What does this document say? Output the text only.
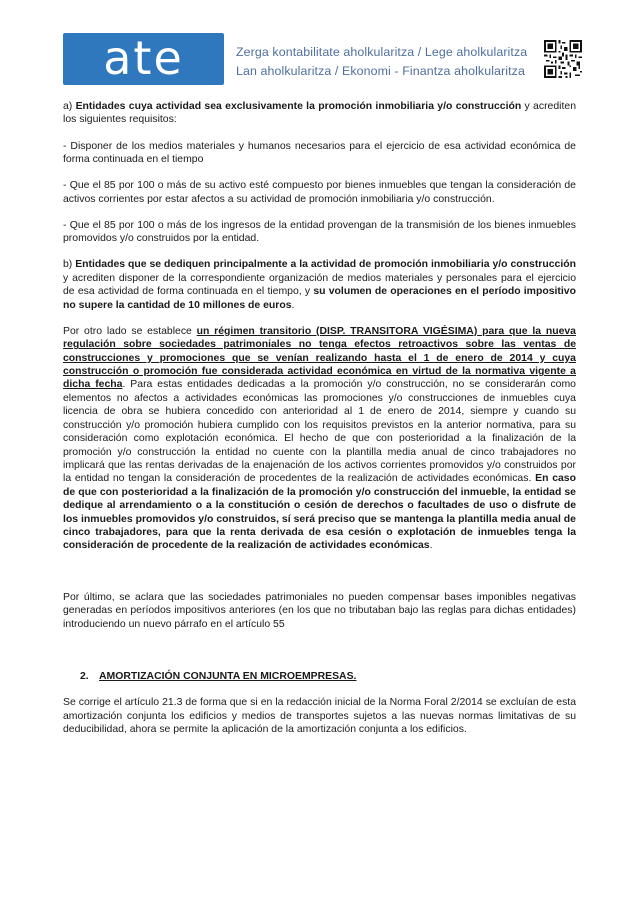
ate	Zerga kontabilitate aholkularitza / Lege aholkularitza
Lan aholkularitza / Ekonomi - Finantza aholkularitza

a) Entidades cuya actividad sea exclusivamente la promoción inmobiliaria y/o construcción y acrediten los siguientes requisitos:

- Disponer de los medios materiales y humanos necesarios para el ejercicio de esa actividad económica de forma continuada en el tiempo

- Que el 85 por 100 o más de su activo esté compuesto por bienes inmuebles que tengan la consideración de activos corrientes por estar afectos a su actividad de promoción inmobiliaria y/o construcción.

- Que el 85 por 100 o más de los ingresos de la entidad provengan de la transmisión de los bienes inmuebles promovidos y/o construidos por la entidad.

b) Entidades que se dediquen principalmente a la actividad de promoción inmobiliaria y/o construcción y acrediten disponer de la correspondiente organización de medios materiales y personales para el ejercicio de esa actividad de forma continuada en el tiempo, y su volumen de operaciones en el período impositivo no supere la cantidad de 10 millones de euros.

Por otro lado se establece un régimen transitorio (DISP. TRANSITORA VIGÉSIMA) para que la nueva regulación sobre sociedades patrimoniales no tenga efectos retroactivos sobre las ventas de construcciones y promociones que se venían realizando hasta el 1 de enero de 2014 y cuya construcción o promoción fue considerada actividad económica en virtud de la normativa vigente a dicha fecha. Para estas entidades dedicadas a la promoción y/o construcción, no se considerarán como elementos no afectos a actividades económicas las promociones y/o construcciones de inmuebles cuya licencia de obra se hubiera concedido con anterioridad al 1 de enero de 2014, siempre y cuando su construcción y/o promoción hubiera cumplido con los requisitos previstos en la anterior normativa, para su consideración como explotación económica. El hecho de que con posterioridad a la finalización de la promoción y/o construcción la entidad no cuente con la plantilla media anual de cinco trabajadores no implicará que las rentas derivadas de la enajenación de los activos corrientes promovidos y/o construidos por la entidad no tengan la consideración de procedentes de la realización de actividades económicas. En caso de que con posterioridad a la finalización de la promoción y/o construcción del inmueble, la entidad se dedique al arrendamiento o a la constitución o cesión de derechos o facultades de uso o disfrute de los inmuebles promovidos y/o construidos, sí será preciso que se mantenga la plantilla media anual de cinco trabajadores, para que la renta derivada de esa cesión o explotación de inmuebles tenga la consideración de procedente de la realización de actividades económicas.

Por último, se aclara que las sociedades patrimoniales no pueden compensar bases imponibles negativas generadas en períodos impositivos anteriores (en los que no tributaban bajo las reglas para dichas entidades) introduciendo un nuevo párrafo en el artículo 55

2. AMORTIZACIÓN CONJUNTA EN MICROEMPRESAS.

Se corrige el artículo 21.3 de forma que si en la redacción inicial de la Norma Foral 2/2014 se excluían de esta amortización conjunta los edificios y medios de transportes sujetos a las nuevas normas limitativas de su deducibilidad, ahora se permite la aplicación de la amortización conjunta a los edificios.
